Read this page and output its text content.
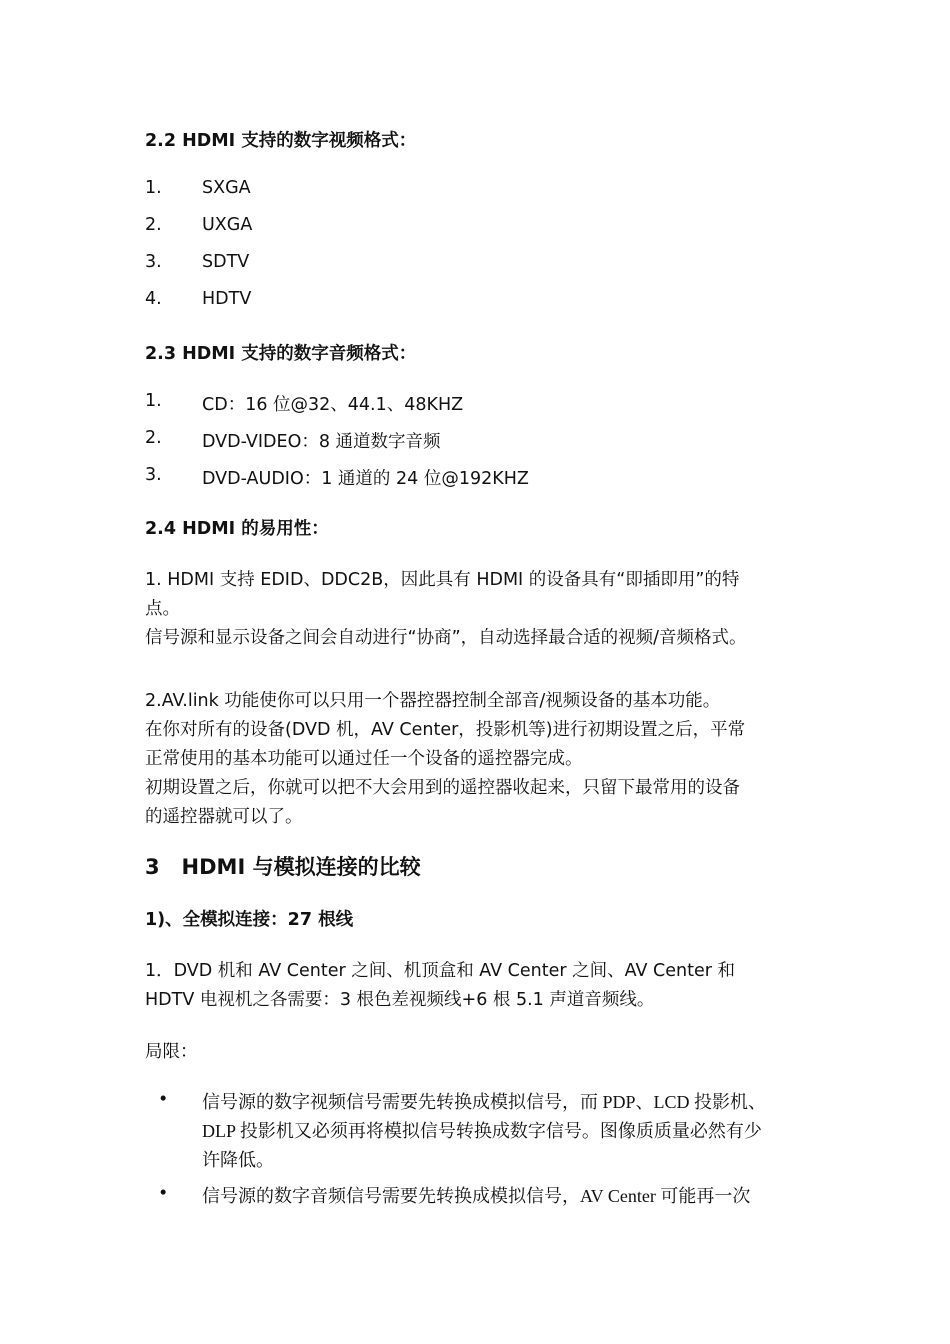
2.2 HDMI 支持的数字视频格式：
1. SXGA
2. UXGA
3. SDTV
4. HDTV
2.3 HDMI 支持的数字音频格式：
1. CD：16 位@32、44.1、48KHZ
2. DVD-VIDEO：8 通道数字音频
3. DVD-AUDIO：1 通道的 24 位@192KHZ
2.4 HDMI 的易用性：
1. HDMI 支持 EDID、DDC2B，因此具有 HDMI 的设备具有“即插即用”的特
点。
信号源和显示设备之间会自动进行“协商”，自动选择最合适的视频/音频格式。
2.AV.link 功能使你可以只用一个器控器控制全部音/视频设备的基本功能。
在你对所有的设备(DVD 机，AV Center，投影机等)进行初期设置之后，平常
正常使用的基本功能可以通过任一个设备的遥控器完成。
初期设置之后，你就可以把不大会用到的遥控器收起来，只留下最常用的设备
的遥控器就可以了。
3   HDMI 与模拟连接的比较
1)、全模拟连接：27 根线
1．DVD 机和 AV Center 之间、机顶盒和 AV Center 之间、AV Center 和
HDTV 电视机之各需要：3 根色差视频线+6 根 5.1 声道音频线。
局限：
• 信号源的数字视频信号需要先转换成模拟信号，而 PDP、LCD 投影机、
DLP 投影机又必须再将模拟信号转换成数字信号。图像质质量必然有少
许降低。
• 信号源的数字音频信号需要先转换成模拟信号，AV Center 可能再一次
